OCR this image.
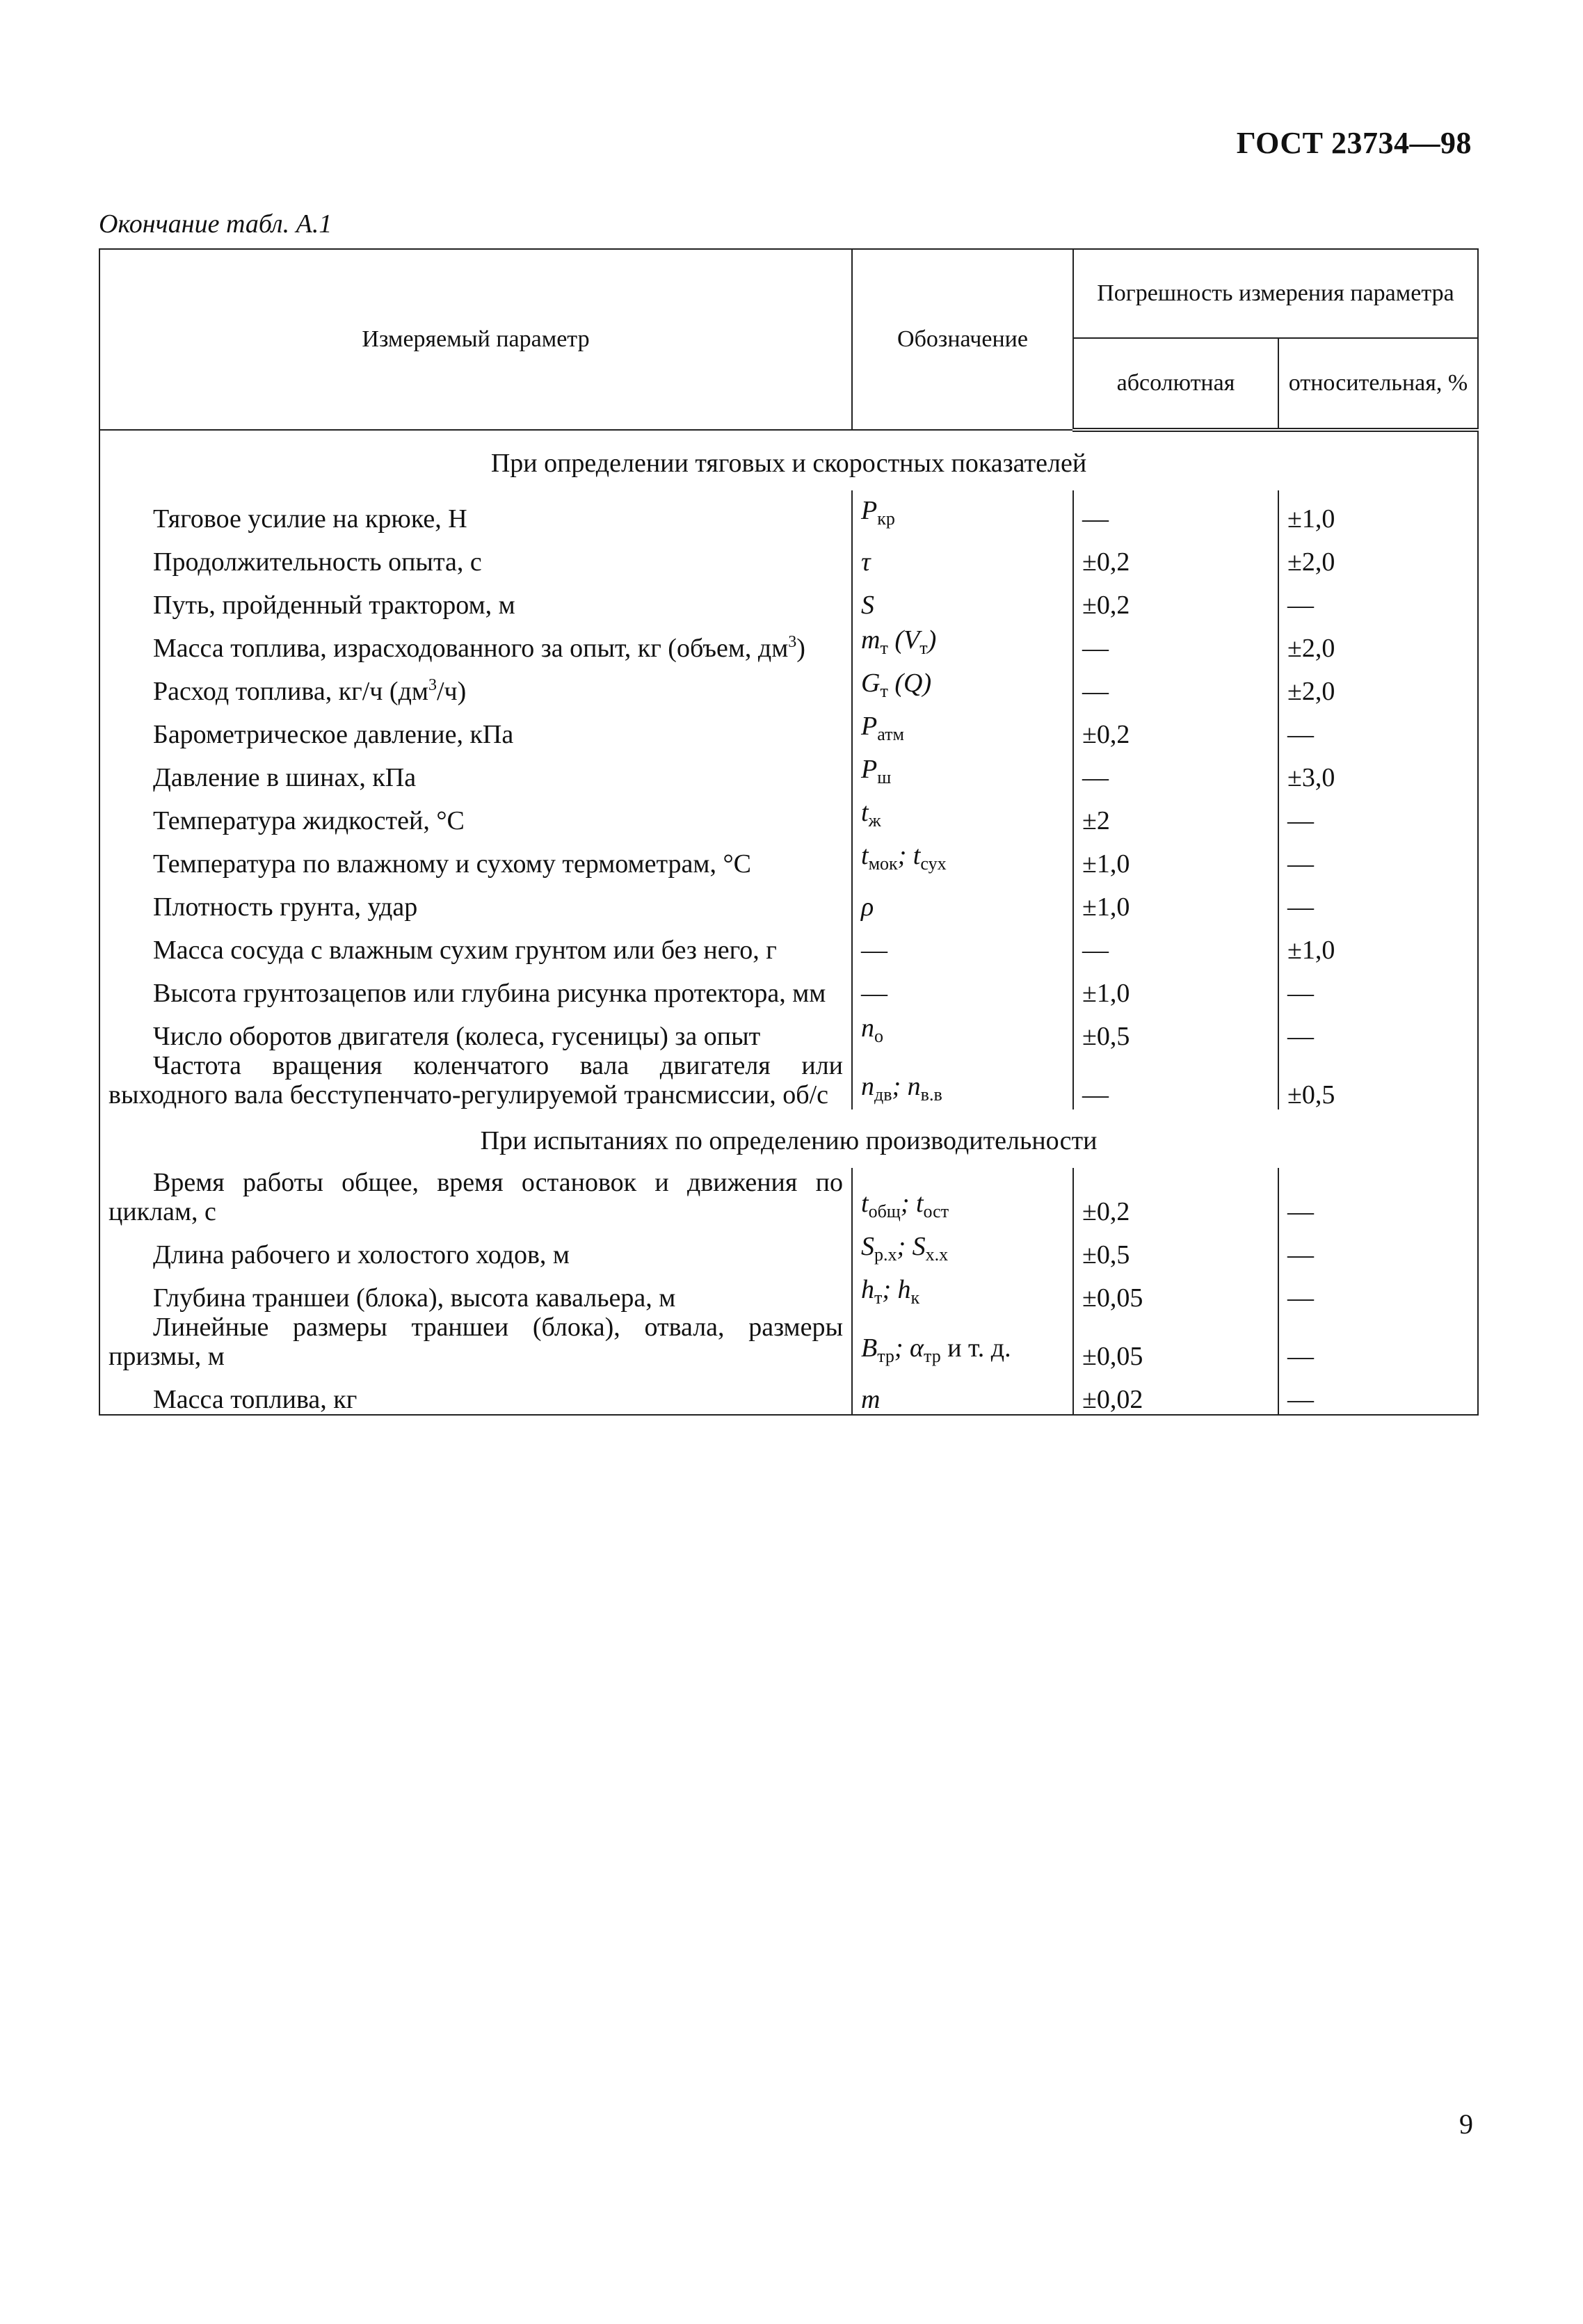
ГОСТ 23734—98
Окончание табл. А.1
Измеряемый параметр	Обозначение	Погрешность измерения параметра	
		абсолютная	относительная, %
При определении тяговых и скоростных показателей			
Тяговое усилие на крюке, Н	$P_{кр}$	—	±1,0
Продолжительность опыта, с	τ	±0,2	±2,0
Путь, пройденный трактором, м	S	±0,2	—
Масса топлива, израсходованного за опыт, кг (объем, $дм^3$)	$m_т$ $(V_т)$	—	±2,0
Расход топлива, кг/ч $(дм^3/ч)$	$G_т$ (Q)	—	±2,0
Барометрическое давление, кПа	$P_{атм}$	±0,2	—
Давление в шинах, кПа	$P_ш$	—	±3,0
Температура жидкостей, °С	$t_ж$	±2	—
Температура по влажному и сухому термометрам, °С	$t_{мок}$; $t_{сух}$	±1,0	—
Плотность грунта, удар	ρ	±1,0	—
Масса сосуда с влажным сухим грунтом или без него, г	—	—	±1,0
Высота грунтозацепов или глубина рисунка протектора, мм	—	±1,0	—
Число оборотов двигателя (колеса, гусеницы) за опыт	$n_о$	±0,5	—
Частота вращения коленчатого вала двигателя или выходного вала бесступенчато-регулируемой трансмиссии, об/с	$n_{дв}$; $n_{в.в}$	—	±0,5
При испытаниях по определению производительности			
Время работы общее, время остановок и движения по циклам, с	$t_{общ}$; $t_{ост}$	±0,2	—
Длина рабочего и холостого ходов, м	$S_{р.х}$; $S_{х.х}$	±0,5	—
Глубина траншеи (блока), высота кавальера, м	$h_т$; $h_к$	±0,05	—
Линейные размеры траншеи (блока), отвала, размеры призмы, м	$B_{тр}$; $\alpha_{тр}$ и т. д.	±0,05	—
Масса топлива, кг	m	±0,02	—
9
